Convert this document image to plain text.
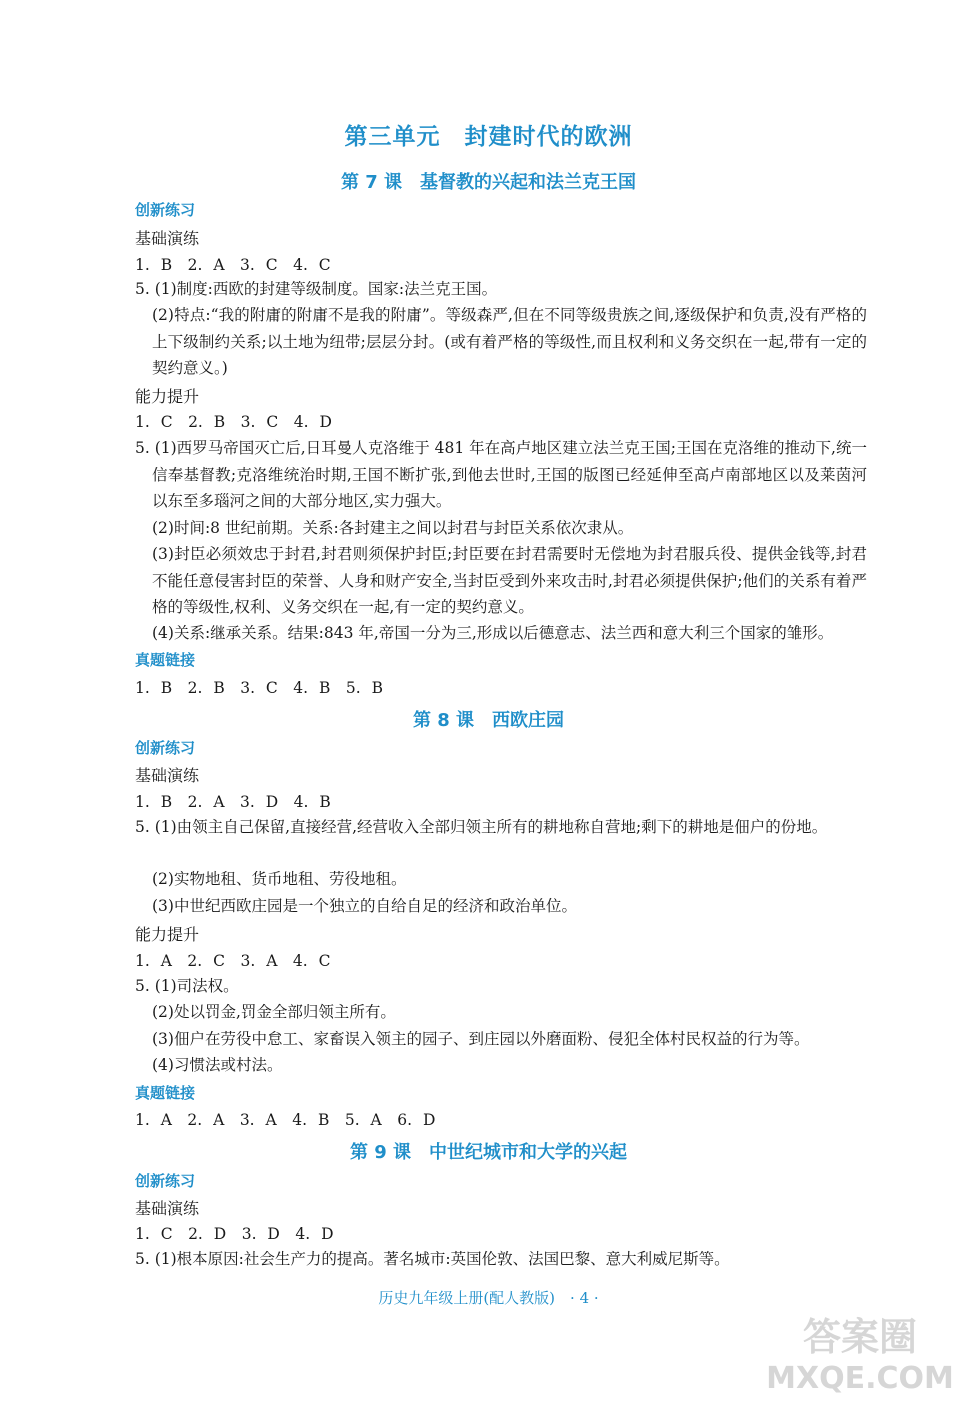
第三单元　封建时代的欧洲
第 7 课　基督教的兴起和法兰克王国
创新练习
基础演练
1. B　2. A　3. C　4. C
5. (1)制度:西欧的封建等级制度。国家:法兰克王国。
(2)特点:“我的附庸的附庸不是我的附庸”。等级森严,但在不同等级贵族之间,逐级保护和负责,没有严格的上下级制约关系;以土地为纽带;层层分封。(或有着严格的等级性,而且权利和义务交织在一起,带有一定的契约意义。)
能力提升
1. C　2. B　3. C　4. D
5. (1)西罗马帝国灭亡后,日耳曼人克洛维于 481 年在高卢地区建立法兰克王国;王国在克洛维的推动下,统一信奉基督教;克洛维统治时期,王国不断扩张,到他去世时,王国的版图已经延伸至高卢南部地区以及莱茵河以东至多瑙河之间的大部分地区,实力强大。
(2)时间:8 世纪前期。关系:各封建主之间以封君与封臣关系依次隶从。
(3)封臣必须效忠于封君,封君则须保护封臣;封臣要在封君需要时无偿地为封君服兵役、提供金钱等,封君不能任意侵害封臣的荣誉、人身和财产安全,当封臣受到外来攻击时,封君必须提供保护;他们的关系有着严格的等级性,权利、义务交织在一起,有一定的契约意义。
(4)关系:继承关系。结果:843 年,帝国一分为三,形成以后德意志、法兰西和意大利三个国家的雏形。
真题链接
1. B　2. B　3. C　4. B　5. B
第 8 课　西欧庄园
创新练习
基础演练
1. B　2. A　3. D　4. B
5. (1)由领主自己保留,直接经营,经营收入全部归领主所有的耕地称自营地;剩下的耕地是佃户的份地。
(2)实物地租、货币地租、劳役地租。
(3)中世纪西欧庄园是一个独立的自给自足的经济和政治单位。
能力提升
1. A　2. C　3. A　4. C
5. (1)司法权。
(2)处以罚金,罚金全部归领主所有。
(3)佃户在劳役中怠工、家畜误入领主的园子、到庄园以外磨面粉、侵犯全体村民权益的行为等。
(4)习惯法或村法。
真题链接
1. A　2. A　3. A　4. B　5. A　6. D
第 9 课　中世纪城市和大学的兴起
创新练习
基础演练
1. C　2. D　3. D　4. D
5. (1)根本原因:社会生产力的提高。著名城市:英国伦敦、法国巴黎、意大利威尼斯等。
历史九年级上册(配人教版)　· 4 ·
答案圈
MXQE.COM
